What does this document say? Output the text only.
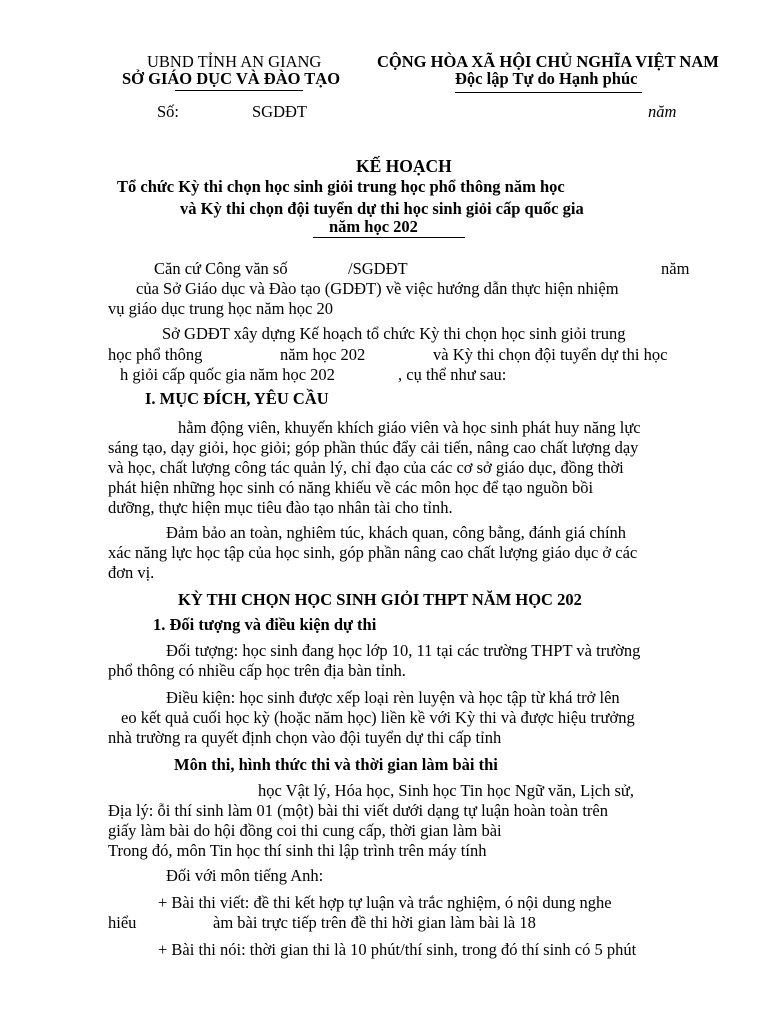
UBND TỈNH AN GIANG
SỞ GIÁO DỤC VÀ ĐÀO TẠO
CỘNG HÒA XÃ HỘI CHỦ NGHĨA VIỆT NAM
Độc lập Tự do Hạnh phúc
Số:	SGDĐT	năm
KẾ HOẠCH
Tổ chức Kỳ thi chọn học sinh giỏi trung học phổ thông năm học
và Kỳ thi chọn đội tuyển dự thi học sinh giỏi cấp quốc gia
năm học 202
Căn cứ Công văn số	/SGDĐT	năm
của Sở Giáo dục và Đào tạo (GDĐT) về việc hướng dẫn thực hiện nhiệm
vụ giáo dục trung học năm học 20
Sở GDĐT xây dựng Kế hoạch tổ chức Kỳ thi chọn học sinh giỏi trung
học phổ thông	năm học 202	và Kỳ thi chọn đội tuyển dự thi học
h giỏi cấp quốc gia năm học 202	, cụ thể như sau:
I. MỤC ĐÍCH, YÊU CẦU
hằm động viên, khuyến khích giáo viên và học sinh phát huy năng lực
sáng tạo, dạy giỏi, học giỏi; góp phần thúc đẩy cải tiến, nâng cao chất lượng dạy
và học, chất lượng công tác quản lý, chỉ đạo của các cơ sở giáo dục, đồng thời
phát hiện những học sinh có năng khiếu về các môn học để tạo nguồn bồi
dưỡng, thực hiện mục tiêu đào tạo nhân tài cho tỉnh.
Đảm bảo an toàn, nghiêm túc, khách quan, công bằng, đánh giá chính
xác năng lực học tập của học sinh, góp phần nâng cao chất lượng giáo dục ở các
đơn vị.
KỲ THI CHỌN HỌC SINH GIỎI THPT NĂM HỌC 202
1. Đối tượng và điều kiện dự thi
Đối tượng: học sinh đang học lớp 10, 11 tại các trường THPT và trường
phổ thông có nhiều cấp học trên địa bàn tỉnh.
Điều kiện: học sinh được xếp loại rèn luyện và học tập từ khá trở lên
eo kết quả cuối học kỳ (hoặc năm học) liền kề với Kỳ thi và được hiệu trưởng
nhà trường ra quyết định chọn vào đội tuyển dự thi cấp tỉnh
Môn thi, hình thức thi và thời gian làm bài thi
học Vật lý, Hóa học, Sinh học Tin học Ngữ văn, Lịch sử,
Địa lý: ỗi thí sinh làm 01 (một) bài thi viết dưới dạng tự luận hoàn toàn trên
giấy làm bài do hội đồng coi thi cung cấp, thời gian làm bài
Trong đó, môn Tin học thí sinh thi lập trình trên máy tính
Đối với môn tiếng Anh:
+ Bài thi viết: đề thi kết hợp tự luận và trắc nghiệm, ó nội dung nghe
hiểu	àm bài trực tiếp trên đề thi hời gian làm bài là 18
+ Bài thi nói: thời gian thi là 10 phút/thí sinh, trong đó thí sinh có 5 phút
